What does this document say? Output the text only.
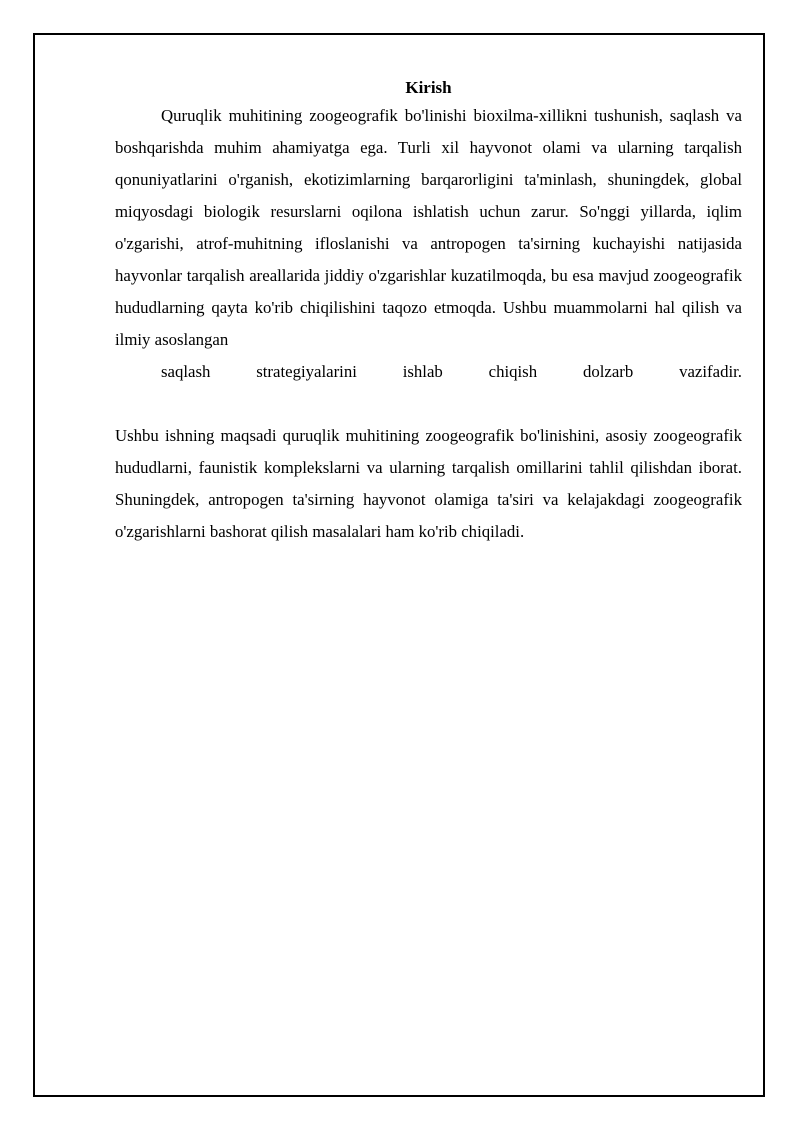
Kirish

Quruqlik muhitining zoogeografik bo'linishi bioxilma-xillikni tushunish, saqlash va boshqarishda muhim ahamiyatga ega. Turli xil hayvonot olami va ularning tarqalish qonuniyatlarini o'rganish, ekotizimlarning barqarorligini ta'minlash, shuningdek, global miqyosdagi biologik resurslarni oqilona ishlatish uchun zarur. So'nggi yillarda, iqlim o'zgarishi, atrof-muhitning ifloslanishi va antropogen ta'sirning kuchayishi natijasida hayvonlar tarqalish areallarida jiddiy o'zgarishlar kuzatilmoqda, bu esa mavjud zoogeografik hududlarning qayta ko'rib chiqilishini taqozo etmoqda. Ushbu muammolarni hal qilish va ilmiy asoslangan
saqlash strategiyalarini ishlab chiqish dolzarb vazifadir.

Ushbu ishning maqsadi quruqlik muhitining zoogeografik bo'linishini, asosiy zoogeografik hududlarni, faunistik komplekslarni va ularning tarqalish omillarini tahlil qilishdan iborat. Shuningdek, antropogen ta'sirning hayvonot olamiga ta'siri va kelajakdagi zoogeografik o'zgarishlarni bashorat qilish masalalari ham ko'rib chiqiladi.
